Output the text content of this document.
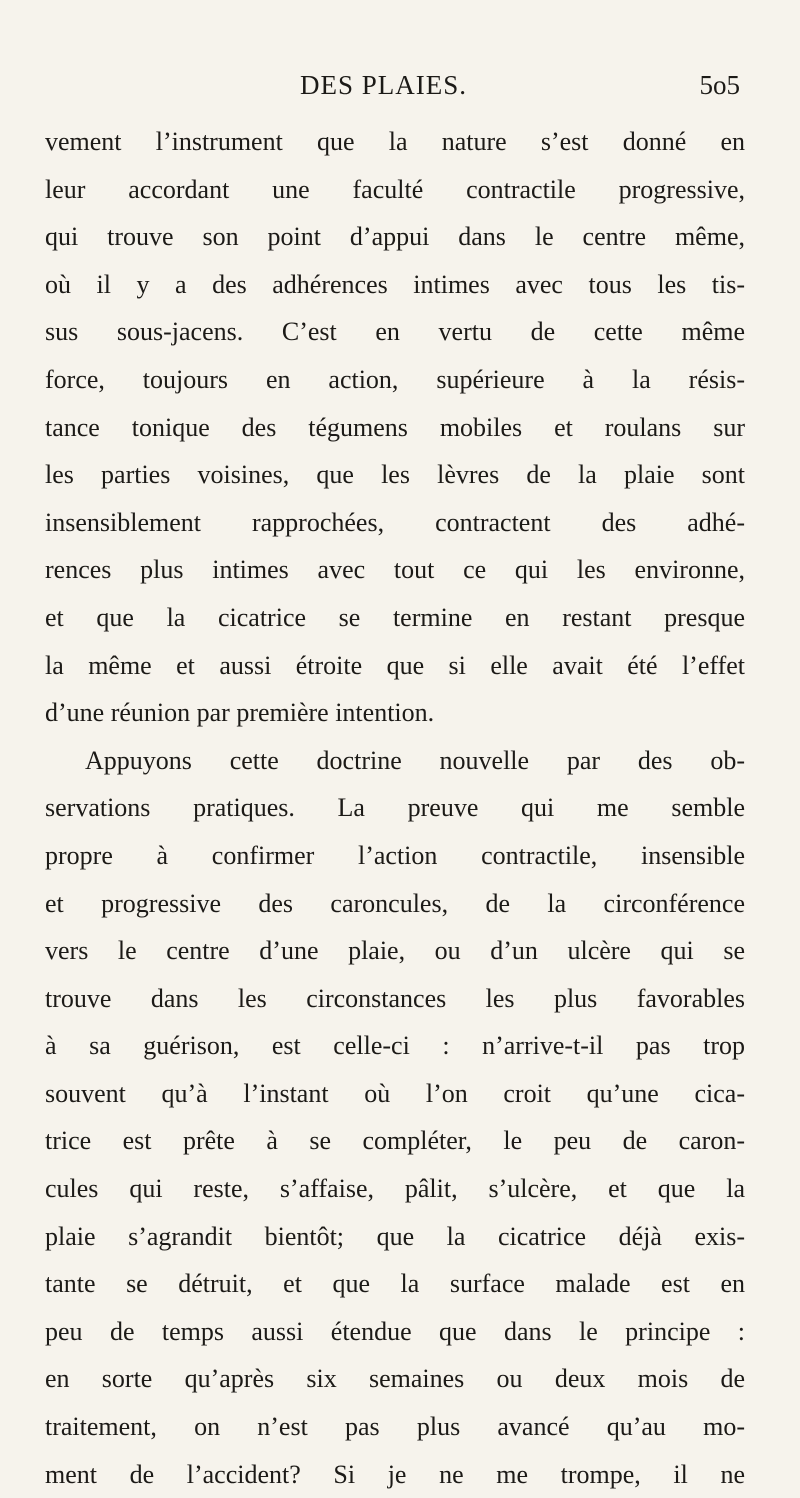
DES PLAIES.	5o5
vement l’instrument que la nature s’est donné en
leur accordant une faculté contractile progressive,
qui trouve son point d’appui dans le centre même,
où il y a des adhérences intimes avec tous les tis-
sus sous-jacens. C’est en vertu de cette même
force, toujours en action, supérieure à la résis-
tance tonique des tégumens mobiles et roulans sur
les parties voisines, que les lèvres de la plaie sont
insensiblement rapprochées, contractent des adhé-
rences plus intimes avec tout ce qui les environne,
et que la cicatrice se termine en restant presque
la même et aussi étroite que si elle avait été l’effet
d’une réunion par première intention.
Appuyons cette doctrine nouvelle par des ob-
servations pratiques. La preuve qui me semble
propre à confirmer l’action contractile, insensible
et progressive des caroncules, de la circonférence
vers le centre d’une plaie, ou d’un ulcère qui se
trouve dans les circonstances les plus favorables
à sa guérison, est celle-ci : n’arrive-t-il pas trop
souvent qu’à l’instant où l’on croit qu’une cica-
trice est prête à se compléter, le peu de caron-
cules qui reste, s’affaise, pâlit, s’ulcère, et que la
plaie s’agrandit bientôt; que la cicatrice déjà exis-
tante se détruit, et que la surface malade est en
peu de temps aussi étendue que dans le principe :
en sorte qu’après six semaines ou deux mois de
traitement, on n’est pas plus avancé qu’au mo-
ment de l’accident? Si je ne me trompe, il ne
